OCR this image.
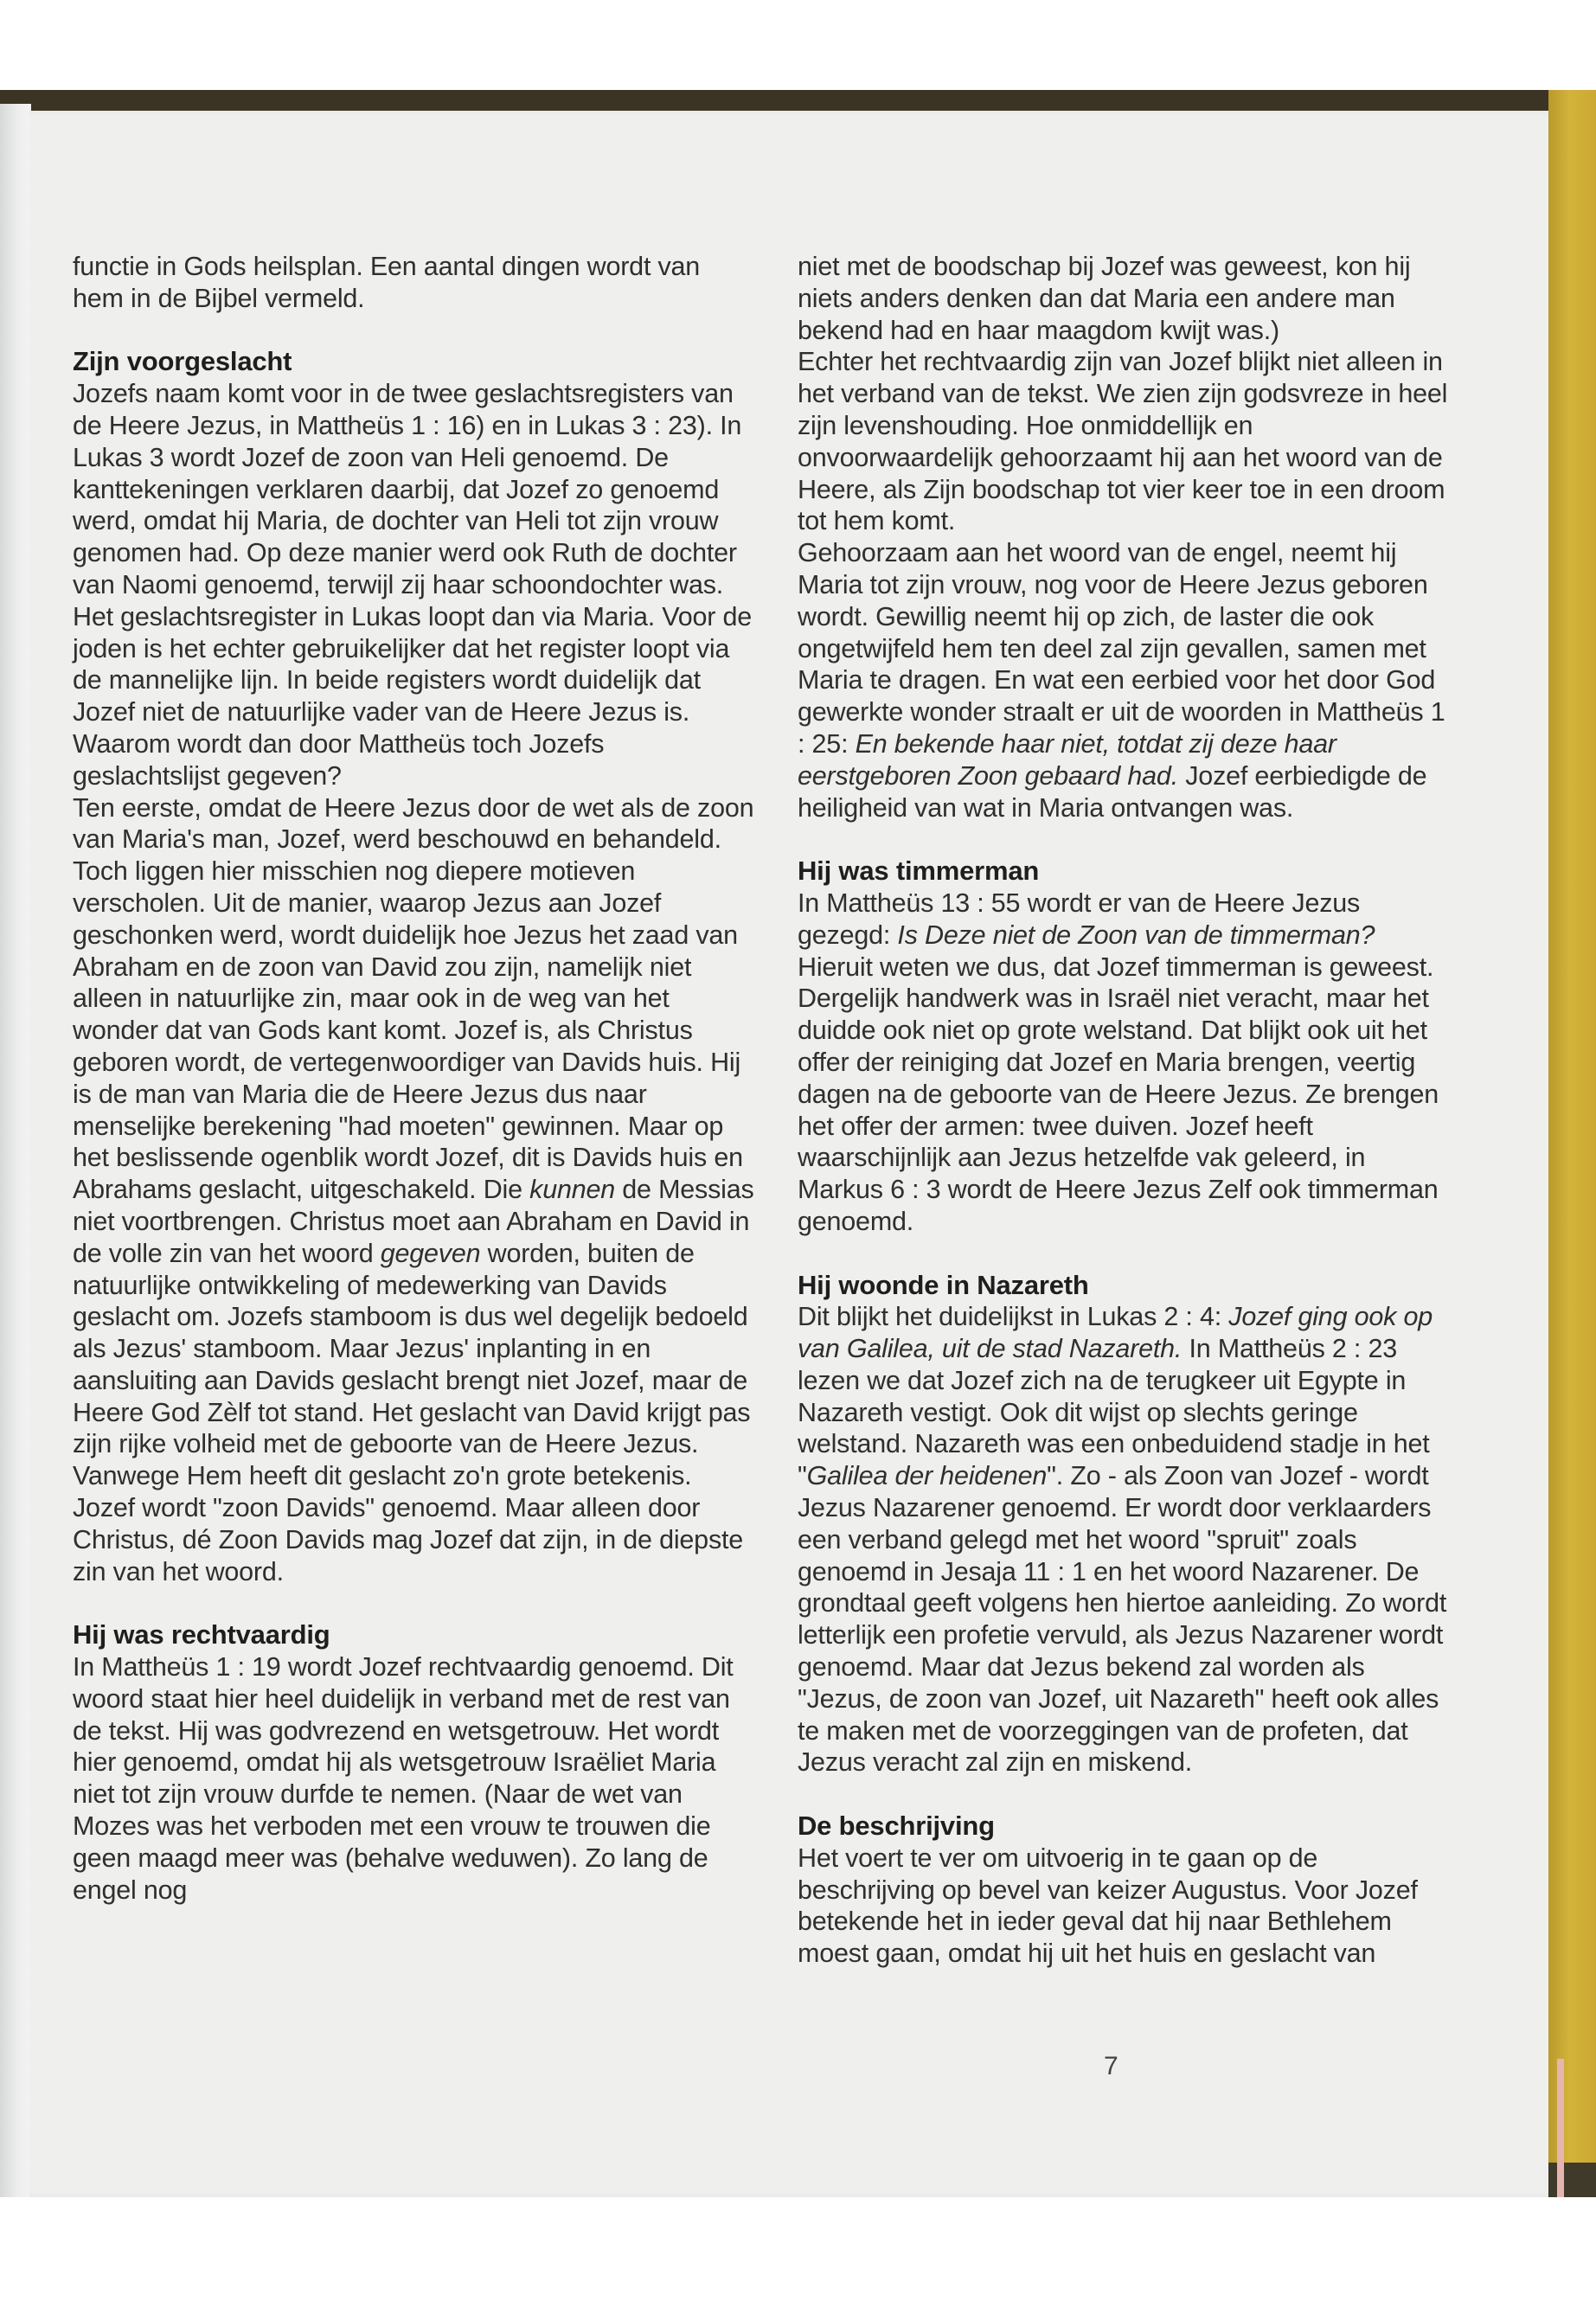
functie in Gods heilsplan. Een aantal dingen wordt van hem in de Bijbel vermeld.

Zijn voorgeslacht

Jozefs naam komt voor in de twee geslachtsregisters van de Heere Jezus, in Mattheüs 1 : 16) en in Lukas 3 : 23). In Lukas 3 wordt Jozef de zoon van Heli genoemd. De kanttekeningen verklaren daarbij, dat Jozef zo genoemd werd, omdat hij Maria, de dochter van Heli tot zijn vrouw genomen had. Op deze manier werd ook Ruth de dochter van Naomi genoemd, terwijl zij haar schoondochter was. Het geslachtsregister in Lukas loopt dan via Maria. Voor de joden is het echter gebruikelijker dat het register loopt via de mannelijke lijn. In beide registers wordt duidelijk dat Jozef niet de natuurlijke vader van de Heere Jezus is. Waarom wordt dan door Mattheüs toch Jozefs geslachtslijst gegeven?

Ten eerste, omdat de Heere Jezus door de wet als de zoon van Maria's man, Jozef, werd beschouwd en behandeld.

Toch liggen hier misschien nog diepere motieven verscholen. Uit de manier, waarop Jezus aan Jozef geschonken werd, wordt duidelijk hoe Jezus het zaad van Abraham en de zoon van David zou zijn, namelijk niet alleen in natuurlijke zin, maar ook in de weg van het wonder dat van Gods kant komt. Jozef is, als Christus geboren wordt, de vertegenwoordiger van Davids huis. Hij is de man van Maria die de Heere Jezus dus naar menselijke berekening "had moeten" gewinnen. Maar op het beslissende ogenblik wordt Jozef, dit is Davids huis en Abrahams geslacht, uitgeschakeld. Die kunnen de Messias niet voortbrengen. Christus moet aan Abraham en David in de volle zin van het woord gegeven worden, buiten de natuurlijke ontwikkeling of medewerking van Davids geslacht om. Jozefs stamboom is dus wel degelijk bedoeld als Jezus' stamboom. Maar Jezus' inplanting in en aansluiting aan Davids geslacht brengt niet Jozef, maar de Heere God Zèlf tot stand. Het geslacht van David krijgt pas zijn rijke volheid met de geboorte van de Heere Jezus. Vanwege Hem heeft dit geslacht zo'n grote betekenis. Jozef wordt "zoon Davids" genoemd. Maar alleen door Christus, dé Zoon Davids mag Jozef dat zijn, in de diepste zin van het woord.

Hij was rechtvaardig

In Mattheüs 1 : 19 wordt Jozef rechtvaardig genoemd. Dit woord staat hier heel duidelijk in verband met de rest van de tekst. Hij was godvrezend en wetsgetrouw. Het wordt hier genoemd, omdat hij als wetsgetrouw Israëliet Maria niet tot zijn vrouw durfde te nemen. (Naar de wet van Mozes was het verboden met een vrouw te trouwen die geen maagd meer was (behalve weduwen). Zo lang de engel nog

niet met de boodschap bij Jozef was geweest, kon hij niets anders denken dan dat Maria een andere man bekend had en haar maagdom kwijt was.)

Echter het rechtvaardig zijn van Jozef blijkt niet alleen in het verband van de tekst. We zien zijn godsvreze in heel zijn levenshouding. Hoe onmiddellijk en onvoorwaardelijk gehoorzaamt hij aan het woord van de Heere, als Zijn boodschap tot vier keer toe in een droom tot hem komt.

Gehoorzaam aan het woord van de engel, neemt hij Maria tot zijn vrouw, nog voor de Heere Jezus geboren wordt. Gewillig neemt hij op zich, de laster die ook ongetwijfeld hem ten deel zal zijn gevallen, samen met Maria te dragen. En wat een eerbied voor het door God gewerkte wonder straalt er uit de woorden in Mattheüs 1 : 25: En bekende haar niet, totdat zij deze haar eerstgeboren Zoon gebaard had. Jozef eerbiedigde de heiligheid van wat in Maria ontvangen was.

Hij was timmerman

In Mattheüs 13 : 55 wordt er van de Heere Jezus gezegd: Is Deze niet de Zoon van de timmerman? Hieruit weten we dus, dat Jozef timmerman is geweest. Dergelijk handwerk was in Israël niet veracht, maar het duidde ook niet op grote welstand. Dat blijkt ook uit het offer der reiniging dat Jozef en Maria brengen, veertig dagen na de geboorte van de Heere Jezus. Ze brengen het offer der armen: twee duiven. Jozef heeft waarschijnlijk aan Jezus hetzelfde vak geleerd, in Markus 6 : 3 wordt de Heere Jezus Zelf ook timmerman genoemd.

Hij woonde in Nazareth

Dit blijkt het duidelijkst in Lukas 2 : 4: Jozef ging ook op van Galilea, uit de stad Nazareth. In Mattheüs 2 : 23 lezen we dat Jozef zich na de terugkeer uit Egypte in Nazareth vestigt. Ook dit wijst op slechts geringe welstand. Nazareth was een onbeduidend stadje in het "Galilea der heidenen". Zo - als Zoon van Jozef - wordt Jezus Nazarener genoemd. Er wordt door verklaarders een verband gelegd met het woord "spruit" zoals genoemd in Jesaja 11 : 1 en het woord Nazarener. De grondtaal geeft volgens hen hiertoe aanleiding. Zo wordt letterlijk een profetie vervuld, als Jezus Nazarener wordt genoemd. Maar dat Jezus bekend zal worden als "Jezus, de zoon van Jozef, uit Nazareth" heeft ook alles te maken met de voorzeggingen van de profeten, dat Jezus veracht zal zijn en miskend.

De beschrijving

Het voert te ver om uitvoerig in te gaan op de beschrijving op bevel van keizer Augustus. Voor Jozef betekende het in ieder geval dat hij naar Bethlehem moest gaan, omdat hij uit het huis en geslacht van

7
